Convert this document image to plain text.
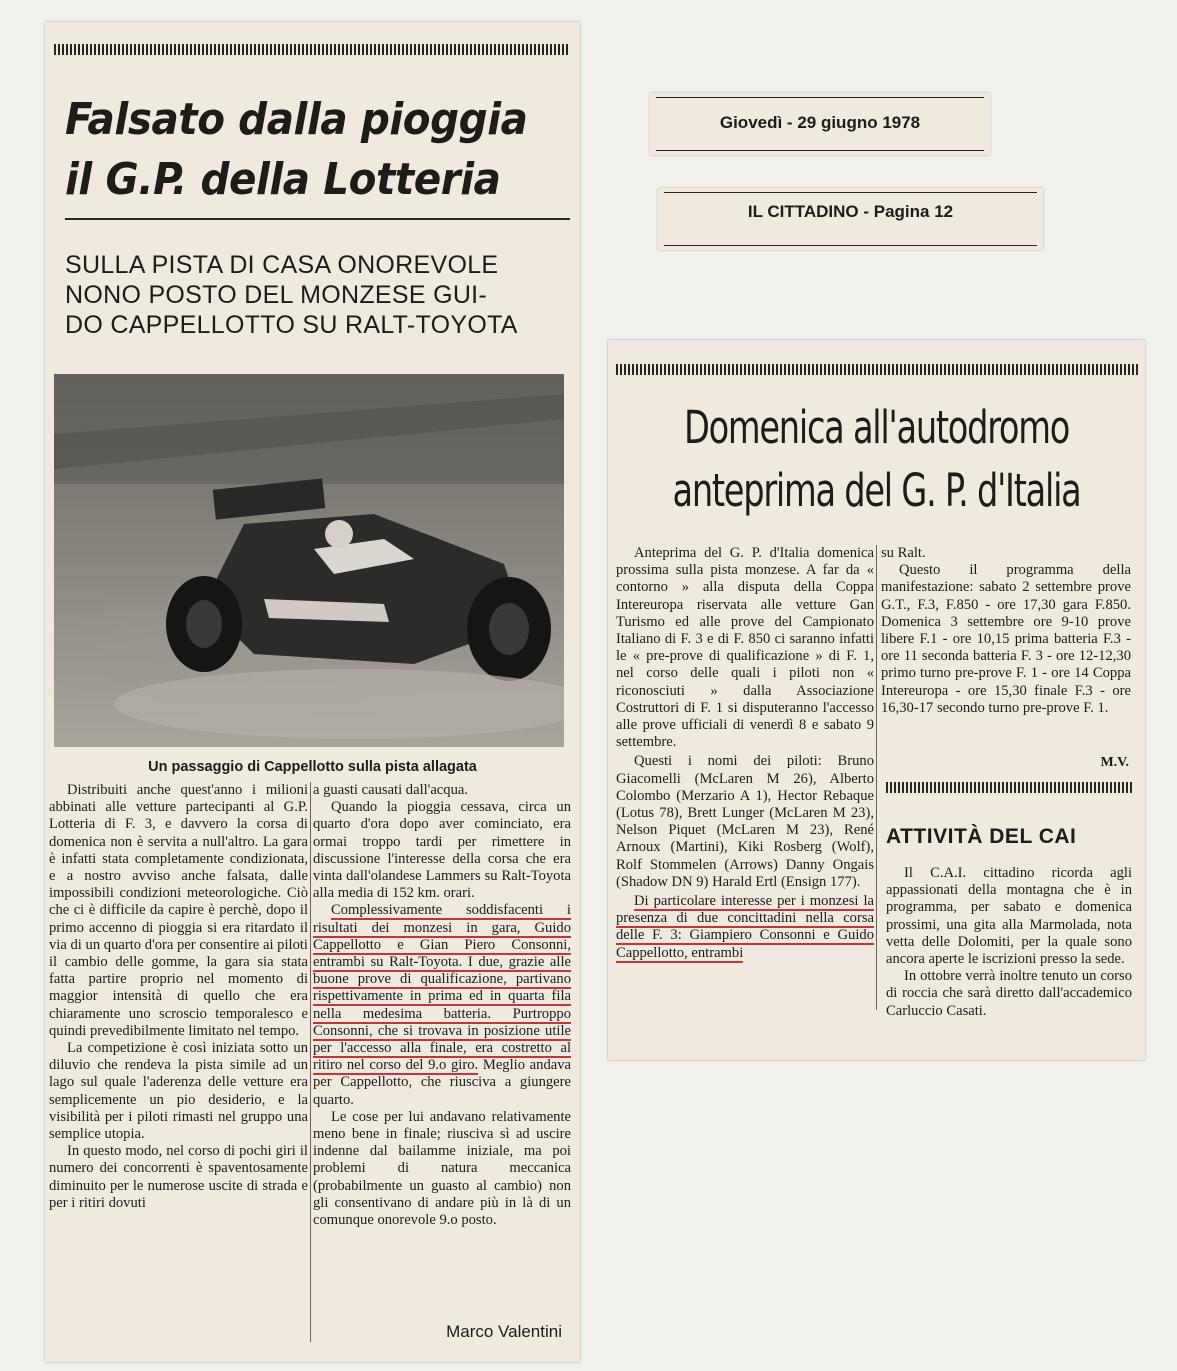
Falsato dalla pioggia
il G.P. della Lotteria
SULLA PISTA DI CASA ONOREVOLE
NONO POSTO DEL MONZESE GUI-
DO CAPPELLOTTO SU RALT-TOYOTA
Un passaggio di Cappellotto sulla pista allagata

Distribuiti anche quest'anno i milioni abbinati alle vetture partecipanti al G.P. Lotteria di F. 3, e davvero la corsa di domenica non è servita a null'altro. La gara è infatti stata completamente condizionata, e a nostro avviso anche falsata, dalle impossibili condizioni meteorologiche. Ciò che ci è difficile da capire è perchè, dopo il primo accenno di pioggia si era ritardato il via di un quarto d'ora per consentire ai piloti il cambio delle gomme, la gara sia stata fatta partire proprio nel momento di maggior intensità di quello che era chiaramente uno scroscio temporalesco e quindi prevedibilmente limitato nel tempo.

La competizione è così iniziata sotto un diluvio che rendeva la pista simile ad un lago sul quale l'aderenza delle vetture era semplicemente un pio desiderio, e la visibilità per i piloti rimasti nel gruppo una semplice utopia.

In questo modo, nel corso di pochi giri il numero dei concorrenti è spaventosamente diminuito per le numerose uscite di strada e per i ritiri dovuti

a guasti causati dall'acqua.

Quando la pioggia cessava, circa un quarto d'ora dopo aver cominciato, era ormai troppo tardi per rimettere in discussione l'interesse della corsa che era vinta dall'olandese Lammers su Ralt-Toyota alla media di 152 km. orari.

Complessivamente soddisfacenti i risultati dei monzesi in gara, Guido Cappellotto e Gian Piero Consonni, entrambi su Ralt-Toyota. I due, grazie alle buone prove di qualificazione, partivano rispettivamente in prima ed in quarta fila nella medesima batteria. Purtroppo Consonni, che si trovava in posizione utile per l'accesso alla finale, era costretto al ritiro nel corso del 9.o giro. Meglio andava per Cappellotto, che riusciva a giungere quarto.

Le cose per lui andavano relativamente meno bene in finale; riusciva sì ad uscire indenne dal bailamme iniziale, ma poi problemi di natura meccanica (probabilmente un guasto al cambio) non gli consentivano di andare più in là di un comunque onorevole 9.o posto.

Marco Valentini
Giovedì - 29 giugno 1978
IL CITTADINO - Pagina 12
Domenica all'autodromo
anteprima del G. P. d'Italia

Anteprima del G. P. d'Italia domenica prossima sulla pista monzese. A far da « contorno » alla disputa della Coppa Intereuropa riservata alle vetture Gan Turismo ed alle prove del Campionato Italiano di F. 3 e di F. 850 ci saranno infatti le « pre-prove di qualificazione » di F. 1, nel corso delle quali i piloti non « riconosciuti » dalla Associazione Costruttori di F. 1 si disputeranno l'accesso alle prove ufficiali di venerdì 8 e sabato 9 settembre.

Questi i nomi dei piloti: Bruno Giacomelli (McLaren M 26), Alberto Colombo (Merzario A 1), Hector Rebaque (Lotus 78), Brett Lunger (McLaren M 23), Nelson Piquet (McLaren M 23), René Arnoux (Martini), Kiki Rosberg (Wolf), Rolf Stommelen (Arrows) Danny Ongais (Shadow DN 9) Harald Ertl (Ensign 177).

Di particolare interesse per i monzesi la presenza di due concittadini nella corsa delle F. 3: Giampiero Consonni e Guido Cappellotto, entrambi

su Ralt.

Questo il programma della manifestazione: sabato 2 settembre prove G.T., F.3, F.850 - ore 17,30 gara F.850. Domenica 3 settembre ore 9-10 prove libere F.1 - ore 10,15 prima batteria F.3 - ore 11 seconda batteria F. 3 - ore 12-12,30 primo turno pre-prove F. 1 - ore 14 Coppa Intereuropa - ore 15,30 finale F.3 - ore 16,30-17 secondo turno pre-prove F. 1.

M.V.
ATTIVITÀ DEL CAI

Il C.A.I. cittadino ricorda agli appassionati della montagna che è in programma, per sabato e domenica prossimi, una gita alla Marmolada, nota vetta delle Dolomiti, per la quale sono ancora aperte le iscrizioni presso la sede.

In ottobre verrà inoltre tenuto un corso di roccia che sarà diretto dall'accademico Carluccio Casati.
